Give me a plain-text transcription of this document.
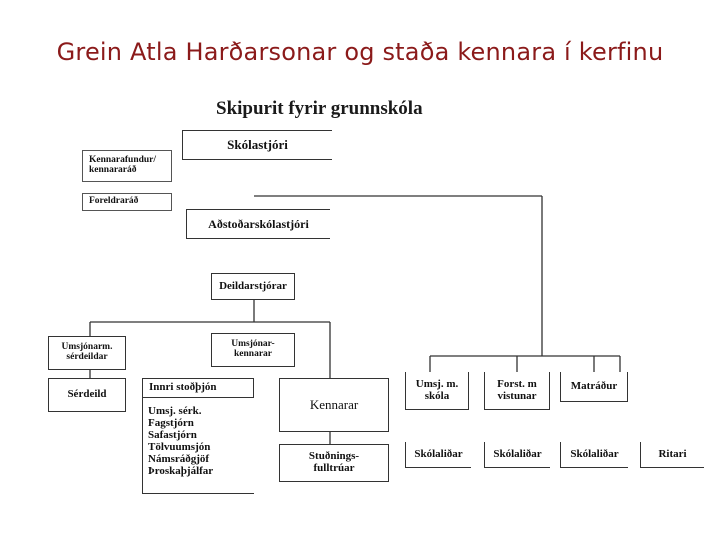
Grein Atla Harðarsonar og staða kennara í kerfinu
Skipurit fyrir grunnskóla
Skólastjóri
Kennarafundur/
kennararáð
Foreldraráð
Aðstoðarskólastjóri
Deildarstjórar
Umsjónarm.
sérdeildar
Umsjónar-
kennarar
Sérdeild
Innri stoðþjón
Umsj. sérk.
Fagstjórn
Safastjórn
Tölvuumsjón
Námsráðgjöf
Þroskaþjálfar
Kennarar
Stuðnings-
fulltrúar
Umsj. m.
skóla
Forst. m
vistunar
Matráður
Skólaliðar	Skólaliðar	Skólaliðar	Ritari
